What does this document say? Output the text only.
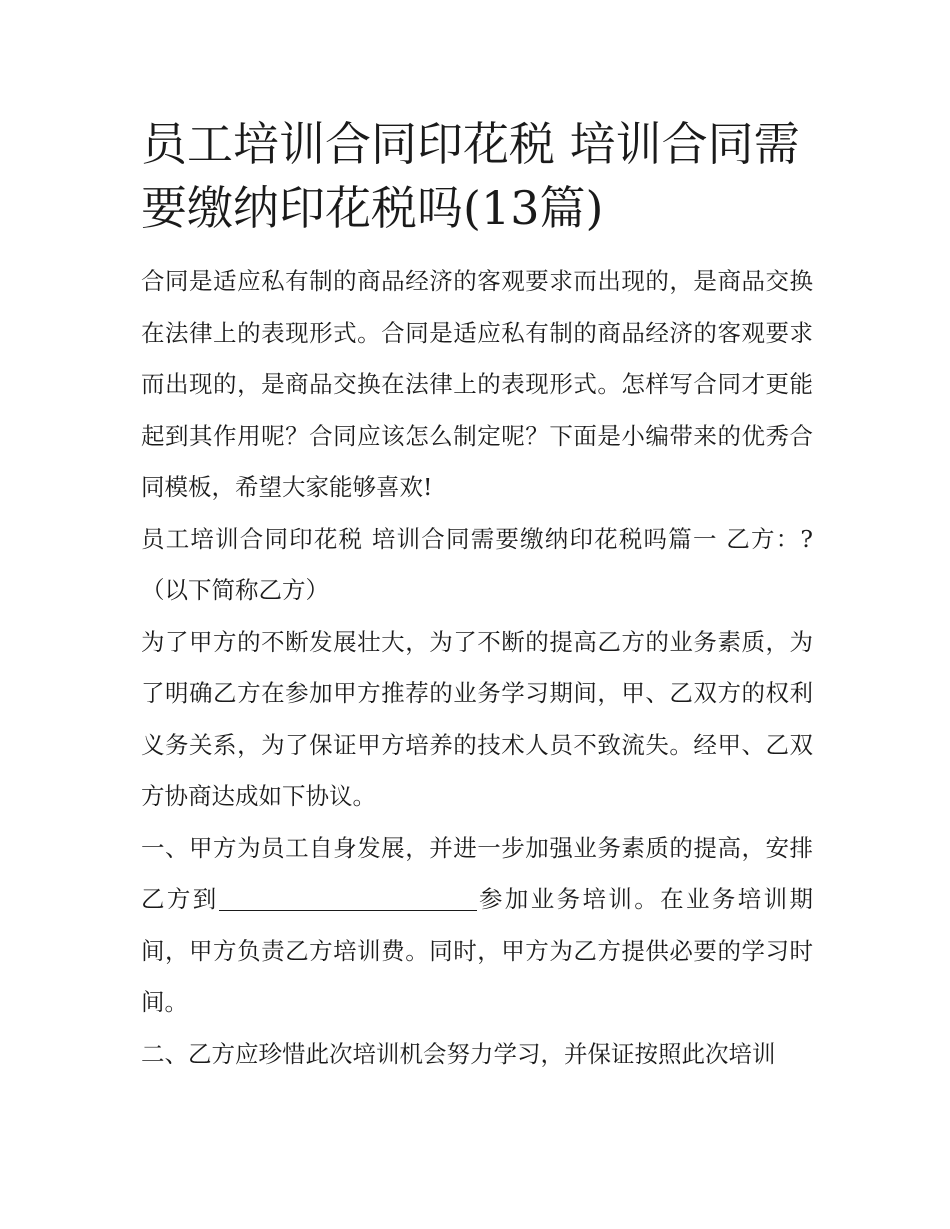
员工培训合同印花税 培训合同需要缴纳印花税吗(13篇)

合同是适应私有制的商品经济的客观要求而出现的，是商品交换在法律上的表现形式。合同是适应私有制的商品经济的客观要求而出现的，是商品交换在法律上的表现形式。怎样写合同才更能起到其作用呢？合同应该怎么制定呢？下面是小编带来的优秀合同模板，希望大家能够喜欢!

员工培训合同印花税 培训合同需要缴纳印花税吗篇一 乙方：?（以下简称乙方）

为了甲方的不断发展壮大，为了不断的提高乙方的业务素质，为了明确乙方在参加甲方推荐的业务学习期间，甲、乙双方的权利义务关系，为了保证甲方培养的技术人员不致流失。经甲、乙双方协商达成如下协议。

一、甲方为员工自身发展，并进一步加强业务素质的提高，安排乙方到	参加业务培训。在业务培训期间，甲方负责乙方培训费。同时，甲方为乙方提供必要的学习时间。

二、乙方应珍惜此次培训机会努力学习，并保证按照此次培训
